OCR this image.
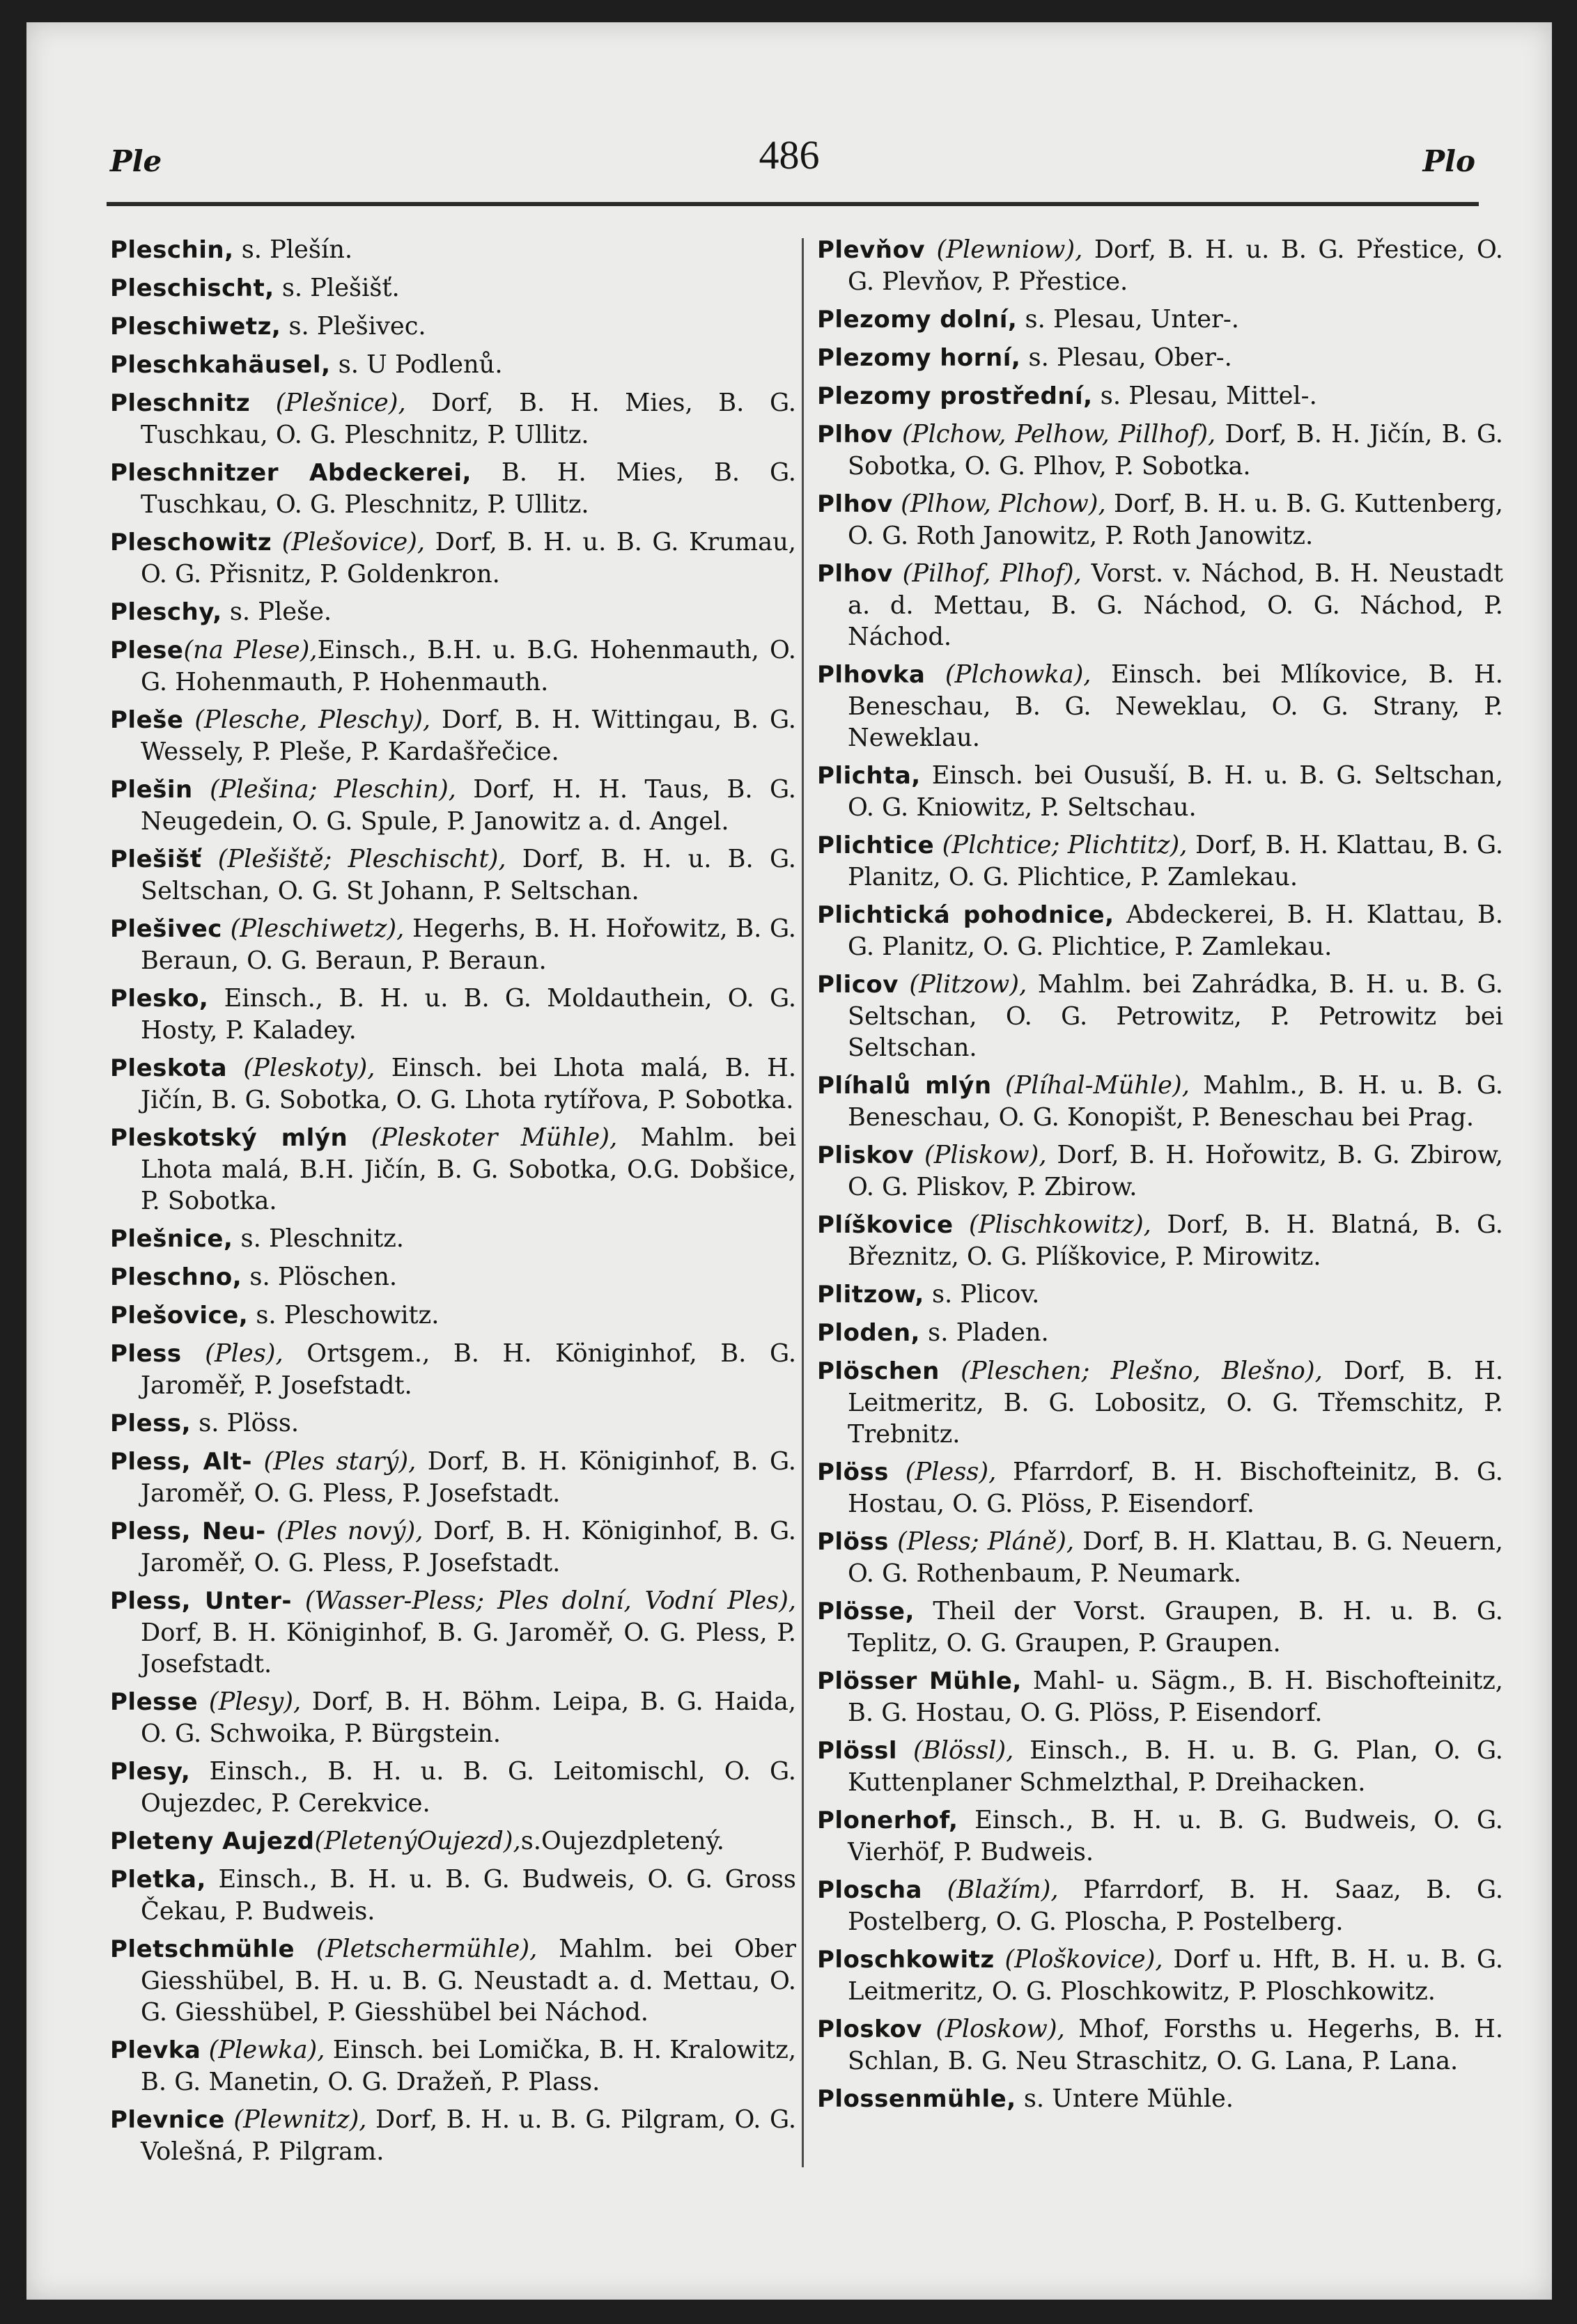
Ple	486	Plo

Pleschin, s. Plešín.

Pleschischt, s. Plešišť.

Pleschiwetz, s. Plešivec.

Pleschkahäusel, s. U Podlenů.

Pleschnitz (Plešnice), Dorf, B. H. Mies, B. G. Tuschkau, O. G. Pleschnitz, P. Ullitz.

Pleschnitzer Abdeckerei, B. H. Mies, B. G. Tuschkau, O. G. Pleschnitz, P. Ullitz.

Pleschowitz (Plešovice), Dorf, B. H. u. B. G. Krumau, O. G. Přisnitz, P. Goldenkron.

Pleschy, s. Pleše.

Plese(na Plese),Einsch., B.H. u. B.G. Hohenmauth, O. G. Hohenmauth, P. Hohenmauth.

Pleše (Plesche, Pleschy), Dorf, B. H. Wittingau, B. G. Wessely, P. Pleše, P. Kardašřečice.

Plešin (Plešina; Pleschin), Dorf, H. H. Taus, B. G. Neugedein, O. G. Spule, P. Janowitz a. d. Angel.

Plešišť (Plešiště; Pleschischt), Dorf, B. H. u. B. G. Seltschan, O. G. St Johann, P. Seltschan.

Plešivec (Pleschiwetz), Hegerhs, B. H. Hořowitz, B. G. Beraun, O. G. Beraun, P. Beraun.

Plesko, Einsch., B. H. u. B. G. Moldauthein, O. G. Hosty, P. Kaladey.

Pleskota (Pleskoty), Einsch. bei Lhota malá, B. H. Jičín, B. G. Sobotka, O. G. Lhota rytířova, P. Sobotka.

Pleskotský mlýn (Pleskoter Mühle), Mahlm. bei Lhota malá, B.H. Jičín, B. G. Sobotka, O.G. Dobšice, P. Sobotka.

Plešnice, s. Pleschnitz.

Pleschno, s. Plöschen.

Plešovice, s. Pleschowitz.

Pless (Ples), Ortsgem., B. H. Königinhof, B. G. Jaroměř, P. Josefstadt.

Pless, s. Plöss.

Pless, Alt- (Ples starý), Dorf, B. H. Königinhof, B. G. Jaroměř, O. G. Pless, P. Josefstadt.

Pless, Neu- (Ples nový), Dorf, B. H. Königinhof, B. G. Jaroměř, O. G. Pless, P. Josefstadt.

Pless, Unter- (Wasser-Pless; Ples dolní, Vodní Ples), Dorf, B. H. Königinhof, B. G. Jaroměř, O. G. Pless, P. Josefstadt.

Plesse (Plesy), Dorf, B. H. Böhm. Leipa, B. G. Haida, O. G. Schwoika, P. Bürgstein.

Plesy, Einsch., B. H. u. B. G. Leitomischl, O. G. Oujezdec, P. Cerekvice.

Pleteny Aujezd(PletenýOujezd),s.Oujezdpletený.

Pletka, Einsch., B. H. u. B. G. Budweis, O. G. Gross Čekau, P. Budweis.

Pletschmühle (Pletschermühle), Mahlm. bei Ober Giesshübel, B. H. u. B. G. Neustadt a. d. Mettau, O. G. Giesshübel, P. Giesshübel bei Náchod.

Plevka (Plewka), Einsch. bei Lomička, B. H. Kralowitz, B. G. Manetin, O. G. Dražeň, P. Plass.

Plevnice (Plewnitz), Dorf, B. H. u. B. G. Pilgram, O. G. Volešná, P. Pilgram.

Plevňov (Plewniow), Dorf, B. H. u. B. G. Přestice, O. G. Plevňov, P. Přestice.

Plezomy dolní, s. Plesau, Unter-.

Plezomy horní, s. Plesau, Ober-.

Plezomy prostřední, s. Plesau, Mittel-.

Plhov (Plchow, Pelhow, Pillhof), Dorf, B. H. Jičín, B. G. Sobotka, O. G. Plhov, P. Sobotka.

Plhov (Plhow, Plchow), Dorf, B. H. u. B. G. Kuttenberg, O. G. Roth Janowitz, P. Roth Janowitz.

Plhov (Pilhof, Plhof), Vorst. v. Náchod, B. H. Neustadt a. d. Mettau, B. G. Náchod, O. G. Náchod, P. Náchod.

Plhovka (Plchowka), Einsch. bei Mlíkovice, B. H. Beneschau, B. G. Neweklau, O. G. Strany, P. Neweklau.

Plichta, Einsch. bei Ousuší, B. H. u. B. G. Seltschan, O. G. Kniowitz, P. Seltschau.

Plichtice (Plchtice; Plichtitz), Dorf, B. H. Klattau, B. G. Planitz, O. G. Plichtice, P. Zamlekau.

Plichtická pohodnice, Abdeckerei, B. H. Klattau, B. G. Planitz, O. G. Plichtice, P. Zamlekau.

Plicov (Plitzow), Mahlm. bei Zahrádka, B. H. u. B. G. Seltschan, O. G. Petrowitz, P. Petrowitz bei Seltschan.

Plíhalů mlýn (Plíhal-Mühle), Mahlm., B. H. u. B. G. Beneschau, O. G. Konopišt, P. Beneschau bei Prag.

Pliskov (Pliskow), Dorf, B. H. Hořowitz, B. G. Zbirow, O. G. Pliskov, P. Zbirow.

Plíškovice (Plischkowitz), Dorf, B. H. Blatná, B. G. Březnitz, O. G. Plíškovice, P. Mirowitz.

Plitzow, s. Plicov.

Ploden, s. Pladen.

Plöschen (Pleschen; Plešno, Blešno), Dorf, B. H. Leitmeritz, B. G. Lobositz, O. G. Třemschitz, P. Trebnitz.

Plöss (Pless), Pfarrdorf, B. H. Bischofteinitz, B. G. Hostau, O. G. Plöss, P. Eisendorf.

Plöss (Pless; Pláně), Dorf, B. H. Klattau, B. G. Neuern, O. G. Rothenbaum, P. Neumark.

Plösse, Theil der Vorst. Graupen, B. H. u. B. G. Teplitz, O. G. Graupen, P. Graupen.

Plösser Mühle, Mahl- u. Sägm., B. H. Bischofteinitz, B. G. Hostau, O. G. Plöss, P. Eisendorf.

Plössl (Blössl), Einsch., B. H. u. B. G. Plan, O. G. Kuttenplaner Schmelzthal, P. Dreihacken.

Plonerhof, Einsch., B. H. u. B. G. Budweis, O. G. Vierhöf, P. Budweis.

Ploscha (Blažím), Pfarrdorf, B. H. Saaz, B. G. Postelberg, O. G. Ploscha, P. Postelberg.

Ploschkowitz (Ploškovice), Dorf u. Hft, B. H. u. B. G. Leitmeritz, O. G. Ploschkowitz, P. Ploschkowitz.

Ploskov (Ploskow), Mhof, Forsths u. Hegerhs, B. H. Schlan, B. G. Neu Straschitz, O. G. Lana, P. Lana.

Plossenmühle, s. Untere Mühle.
